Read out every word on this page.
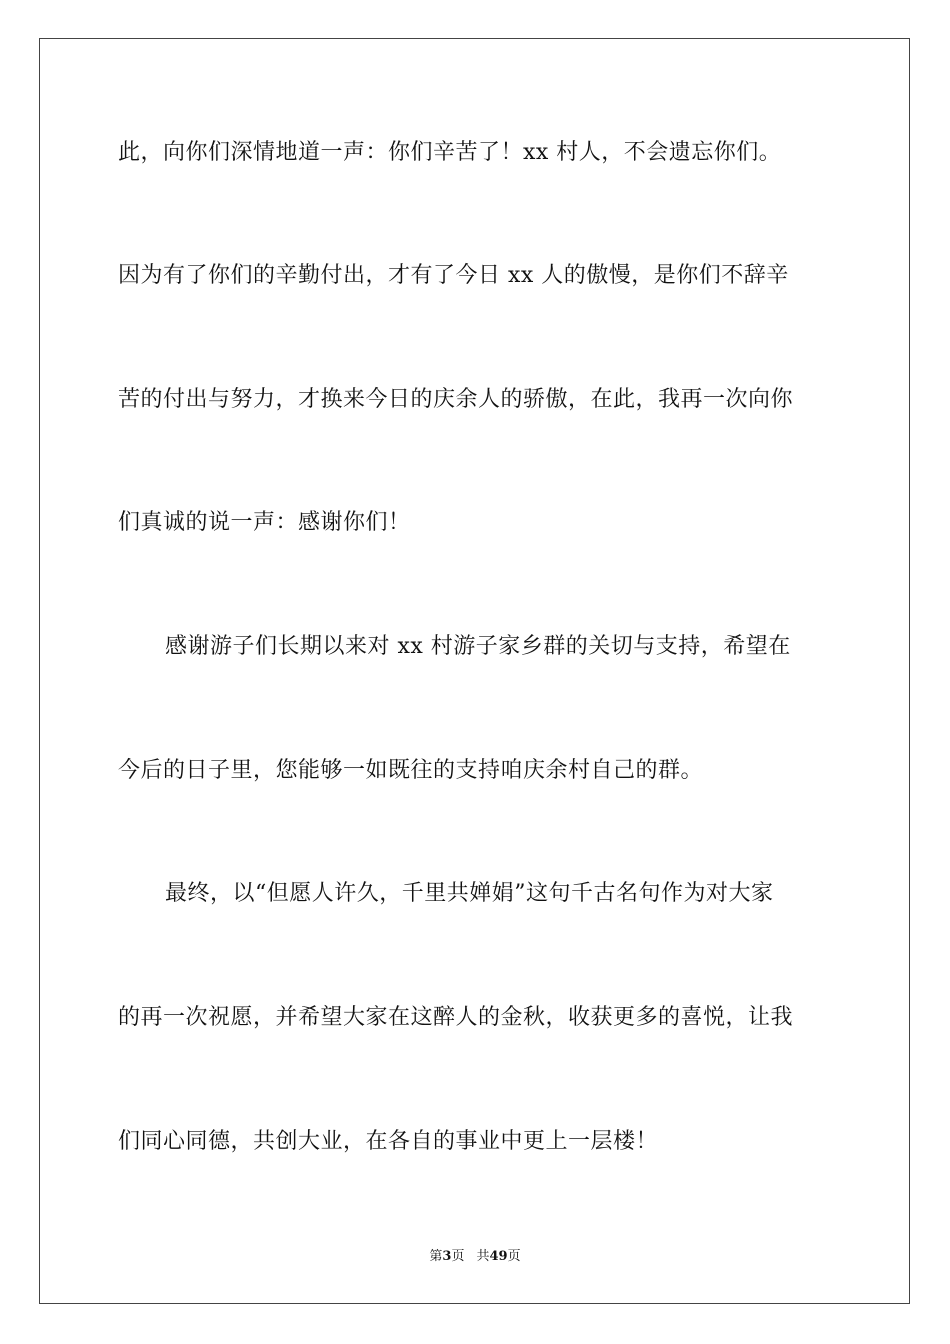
此，向你们深情地道一声：你们辛苦了！xx 村人，不会遗忘你们。
因为有了你们的辛勤付出，才有了今日 xx 人的傲慢，是你们不辞辛
苦的付出与努力，才换来今日的庆余人的骄傲，在此，我再一次向你
们真诚的说一声：感谢你们！
感谢游子们长期以来对 xx 村游子家乡群的关切与支持，希望在
今后的日子里，您能够一如既往的支持咱庆余村自己的群。
最终，以“但愿人许久，千里共婵娟”这句千古名句作为对大家
的再一次祝愿，并希望大家在这醉人的金秋，收获更多的喜悦，让我
们同心同德，共创大业，在各自的事业中更上一层楼！
第3页 共49页
